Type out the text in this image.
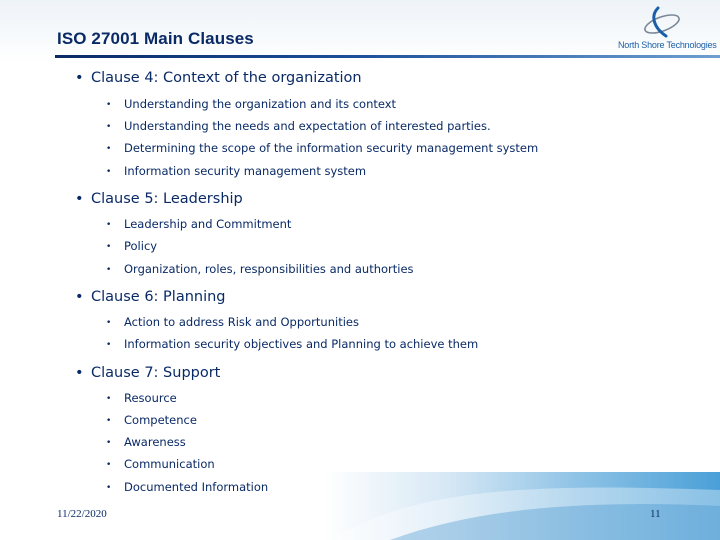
ISO 27001 Main Clauses	North Shore Technologies
• Clause 4: Context of the organization
• Understanding the organization and its context
• Understanding the needs and expectation of interested parties.
• Determining the scope of the information security management system
• Information security management system
• Clause 5: Leadership
• Leadership and Commitment
• Policy
• Organization, roles, responsibilities and authorties
• Clause 6: Planning
• Action to address Risk and Opportunities
• Information security objectives and Planning to achieve them
• Clause 7: Support
• Resource
• Competence
• Awareness
• Communication
• Documented Information
11/22/2020	11
